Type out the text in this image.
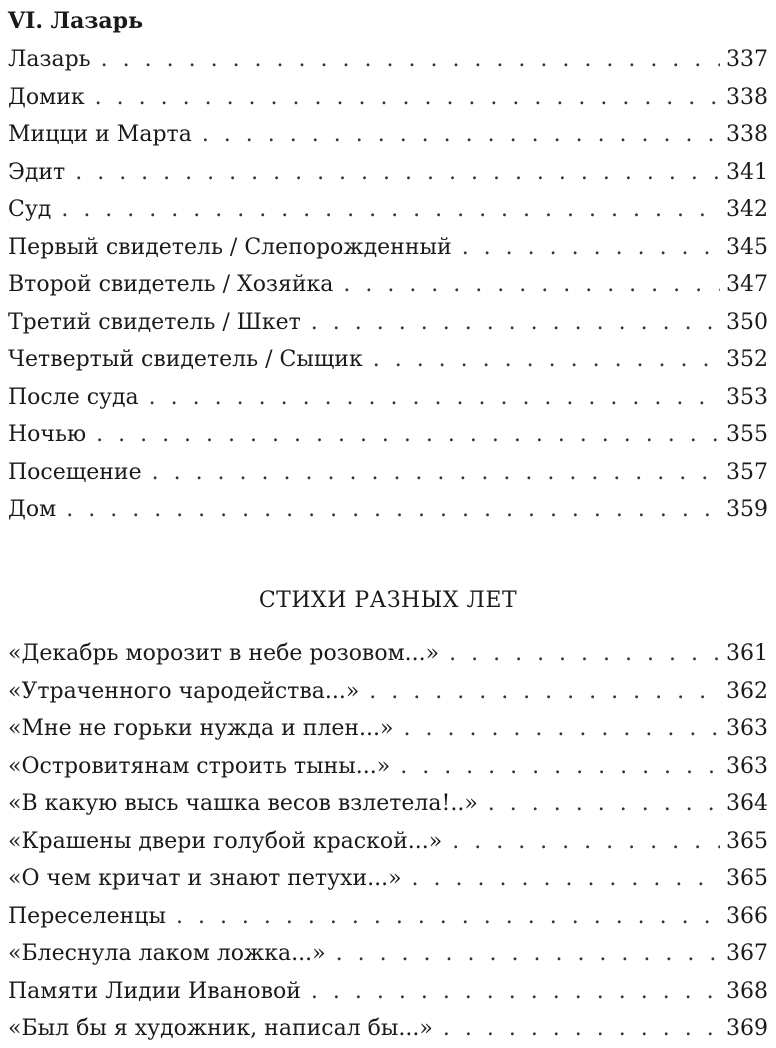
VI. Лазарь
Лазарь . . .	337
Домик . . .	338
Мицци и Марта . . .	338
Эдит . . .	341
Суд . . .	342
Первый свидетель / Слепорожденный . . .	345
Второй свидетель / Хозяйка . . .	347
Третий свидетель / Шкет . . .	350
Четвертый свидетель / Сыщик . . .	352
После суда . . .	353
Ночью . . .	355
Посещение . . .	357
Дом . . .	359
СТИХИ РАЗНЫХ ЛЕТ
«Декабрь морозит в небе розовом...» . . .	361
«Утраченного чародейства...» . . .	362
«Мне не горьки нужда и плен...» . . .	363
«Островитянам строить тыны...» . . .	363
«В какую высь чашка весов взлетела!..» . . .	364
«Крашены двери голубой краской...» . . .	365
«О чем кричат и знают петухи...» . . .	365
Переселенцы . . .	366
«Блеснула лаком ложка...» . . .	367
Памяти Лидии Ивановой . . .	368
«Был бы я художник, написал бы...» . . .	369
